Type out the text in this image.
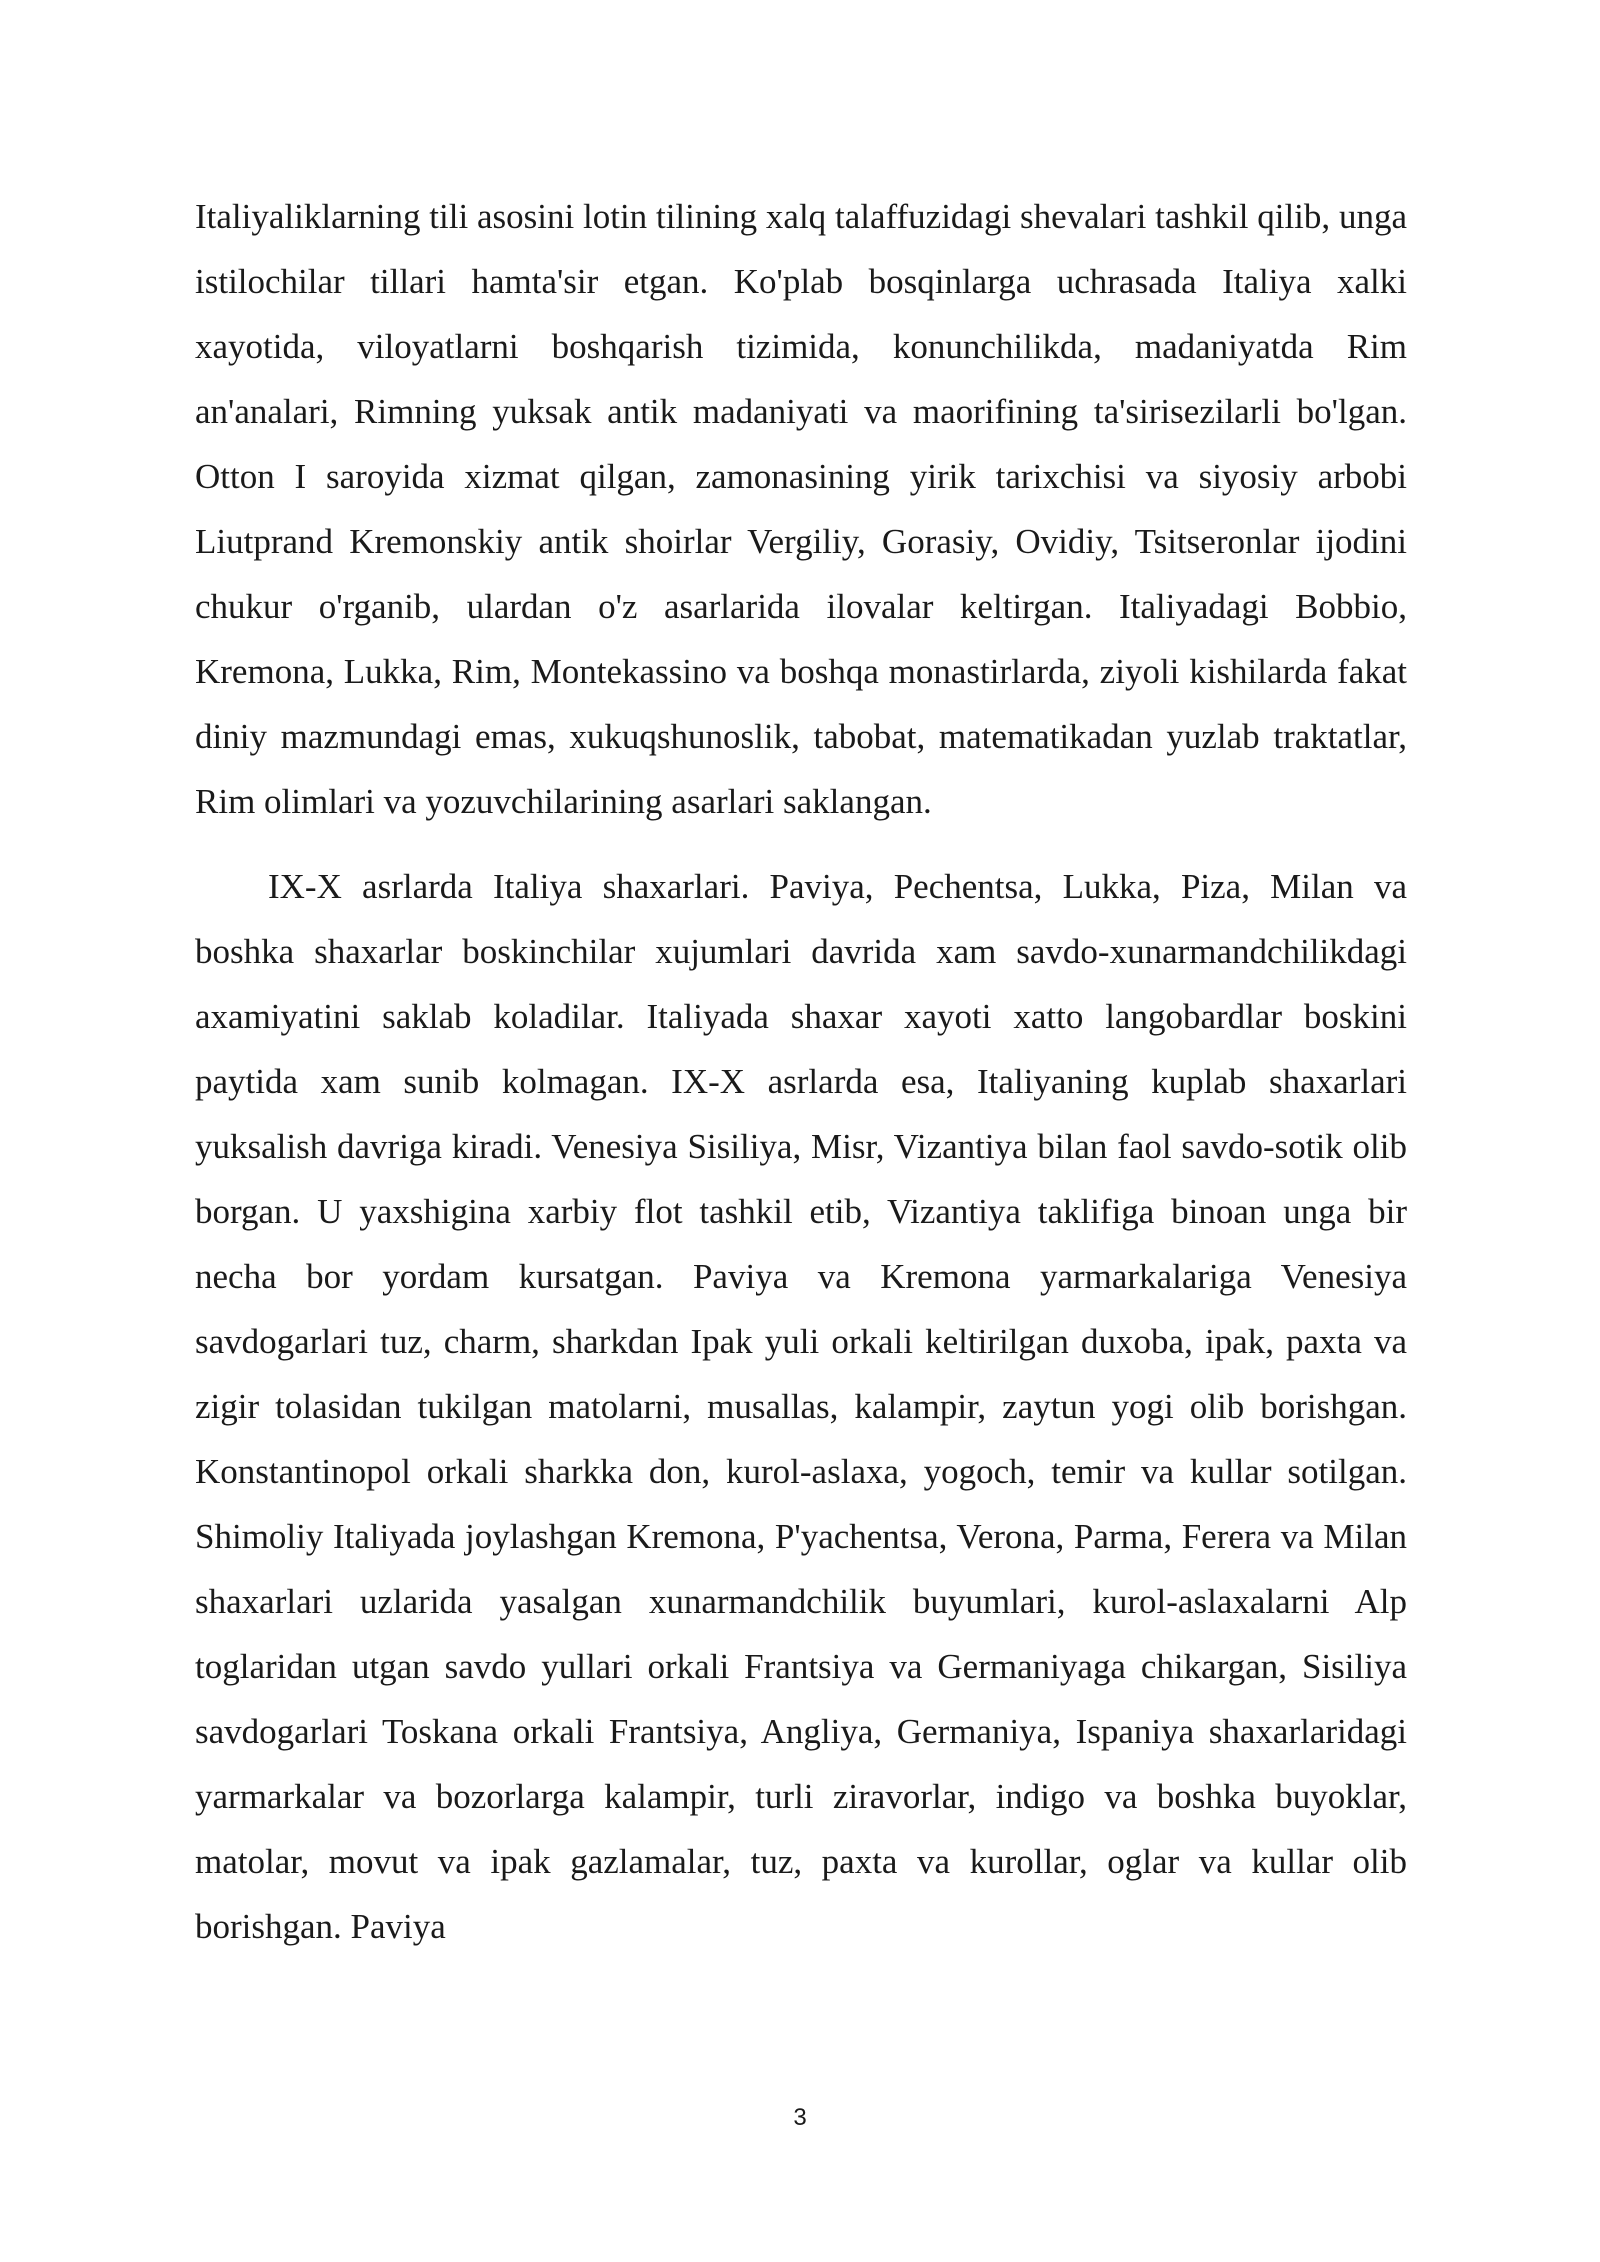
Italiyaliklarning tili asosini lotin tilining xalq talaffuzidagi shevalari tashkil qilib, unga istilochilar tillari hamta'sir etgan. Ko'plab bosqinlarga uchrasada Italiya xalki xayotida, viloyatlarni boshqarish tizimida, konunchilikda, madaniyatda Rim an'analari, Rimning yuksak antik madaniyati va maorifining ta'sirisezilarli bo'lgan. Otton I saroyida xizmat qilgan, zamonasining yirik tarixchisi va siyosiy arbobi Liutprand Kremonskiy antik shoirlar Vergiliy, Gorasiy, Ovidiy, Tsitseronlar ijodini chukur o'rganib, ulardan o'z asarlarida ilovalar keltirgan. Italiyadagi Bobbio, Kremona, Lukka, Rim, Montekassino va boshqa monastirlarda, ziyoli kishilarda fakat diniy mazmundagi emas, xukuqshunoslik, tabobat, matematikadan yuzlab traktatlar, Rim olimlari va yozuvchilarining asarlari saklangan.

IX-X asrlarda Italiya shaxarlari. Paviya, Pechentsa, Lukka, Piza, Milan va boshka shaxarlar boskinchilar xujumlari davrida xam savdo-xunarmandchilikdagi axamiyatini saklab koladilar. Italiyada shaxar xayoti xatto langobardlar boskini paytida xam sunib kolmagan. IX-X asrlarda esa, Italiyaning kuplab shaxarlari yuksalish davriga kiradi. Venesiya Sisiliya, Misr, Vizantiya bilan faol savdo-sotik olib borgan. U yaxshigina xarbiy flot tashkil etib, Vizantiya taklifiga binoan unga bir necha bor yordam kursatgan. Paviya va Kremona yarmarkalariga Venesiya savdogarlari tuz, charm, sharkdan Ipak yuli orkali keltirilgan duxoba, ipak, paxta va zigir tolasidan tukilgan matolarni, musallas, kalampir, zaytun yogi olib borishgan. Konstantinopol orkali sharkka don, kurol-aslaxa, yogoch, temir va kullar sotilgan. Shimoliy Italiyada joylashgan Kremona, P'yachentsa, Verona, Parma, Ferera va Milan shaxarlari uzlarida yasalgan xunarmandchilik buyumlari, kurol-aslaxalarni Alp toglaridan utgan savdo yullari orkali Frantsiya va Germaniyaga chikargan, Sisiliya savdogarlari Toskana orkali Frantsiya, Angliya, Germaniya, Ispaniya shaxarlaridagi yarmarkalar va bozorlarga kalampir, turli ziravorlar, indigo va boshka buyoklar, matolar, movut va ipak gazlamalar, tuz, paxta va kurollar, oglar va kullar olib borishgan. Paviya

3
